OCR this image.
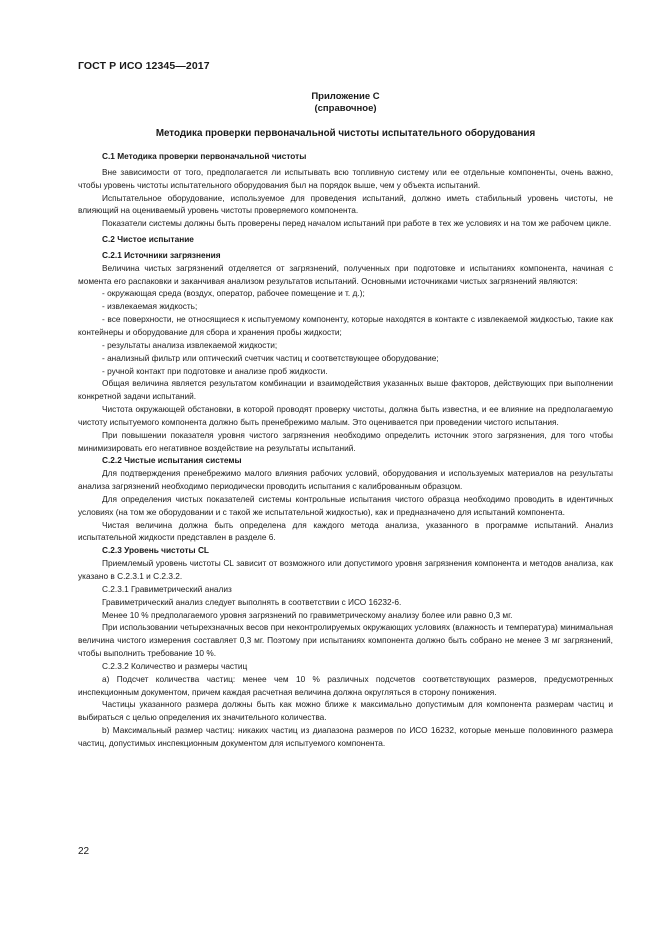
ГОСТ Р ИСО 12345—2017
Приложение С
(справочное)
Методика проверки первоначальной чистоты испытательного оборудования

С.1 Методика проверки первоначальной чистоты

Вне зависимости от того, предполагается ли испытывать всю топливную систему или ее отдельные компоненты, очень важно, чтобы уровень чистоты испытательного оборудования был на порядок выше, чем у объекта испытаний.

Испытательное оборудование, используемое для проведения испытаний, должно иметь стабильный уровень чистоты, не влияющий на оцениваемый уровень чистоты проверяемого компонента.

Показатели системы должны быть проверены перед началом испытаний при работе в тех же условиях и на том же рабочем цикле.

С.2 Чистое испытание

С.2.1 Источники загрязнения

Величина чистых загрязнений отделяется от загрязнений, полученных при подготовке и испытаниях компонента, начиная с момента его распаковки и заканчивая анализом результатов испытаний. Основными источниками чистых загрязнений являются:

- окружающая среда (воздух, оператор, рабочее помещение и т. д.);

- извлекаемая жидкость;

- все поверхности, не относящиеся к испытуемому компоненту, которые находятся в контакте с извлекаемой жидкостью, такие как контейнеры и оборудование для сбора и хранения пробы жидкости;

- результаты анализа извлекаемой жидкости;

- анализный фильтр или оптический счетчик частиц и соответствующее оборудование;

- ручной контакт при подготовке и анализе проб жидкости.

Общая величина является результатом комбинации и взаимодействия указанных выше факторов, действующих при выполнении конкретной задачи испытаний.

Чистота окружающей обстановки, в которой проводят проверку чистоты, должна быть известна, и ее влияние на предполагаемую чистоту испытуемого компонента должно быть пренебрежимо малым. Это оценивается при проведении чистого испытания.

При повышении показателя уровня чистого загрязнения необходимо определить источник этого загрязнения, для того чтобы минимизировать его негативное воздействие на результаты испытаний.

С.2.2 Чистые испытания системы

Для подтверждения пренебрежимо малого влияния рабочих условий, оборудования и используемых материалов на результаты анализа загрязнений необходимо периодически проводить испытания с калиброванным образцом.

Для определения чистых показателей системы контрольные испытания чистого образца необходимо проводить в идентичных условиях (на том же оборудовании и с такой же испытательной жидкостью), как и предназначено для испытаний компонента.

Чистая величина должна быть определена для каждого метода анализа, указанного в программе испытаний. Анализ испытательной жидкости представлен в разделе 6.

С.2.3 Уровень чистоты CL

Приемлемый уровень чистоты CL зависит от возможного или допустимого уровня загрязнения компонента и методов анализа, как указано в С.2.3.1 и С.2.3.2.

С.2.3.1 Гравиметрический анализ

Гравиметрический анализ следует выполнять в соответствии с ИСО 16232-6.

Менее 10 % предполагаемого уровня загрязнений по гравиметрическому анализу более или равно 0,3 мг.

При использовании четырехзначных весов при неконтролируемых окружающих условиях (влажность и температура) минимальная величина чистого измерения составляет 0,3 мг. Поэтому при испытаниях компонента должно быть собрано не менее 3 мг загрязнений, чтобы выполнить требование 10 %.

С.2.3.2 Количество и размеры частиц

а) Подсчет количества частиц: менее чем 10 % различных подсчетов соответствующих размеров, предусмотренных инспекционным документом, причем каждая расчетная величина должна округляться в сторону понижения.

Частицы указанного размера должны быть как можно ближе к максимально допустимым для компонента размерам частиц и выбираться с целью определения их значительного количества.

b) Максимальный размер частиц: никаких частиц из диапазона размеров по ИСО 16232, которые меньше половинного размера частиц, допустимых инспекционным документом для испытуемого компонента.

22
